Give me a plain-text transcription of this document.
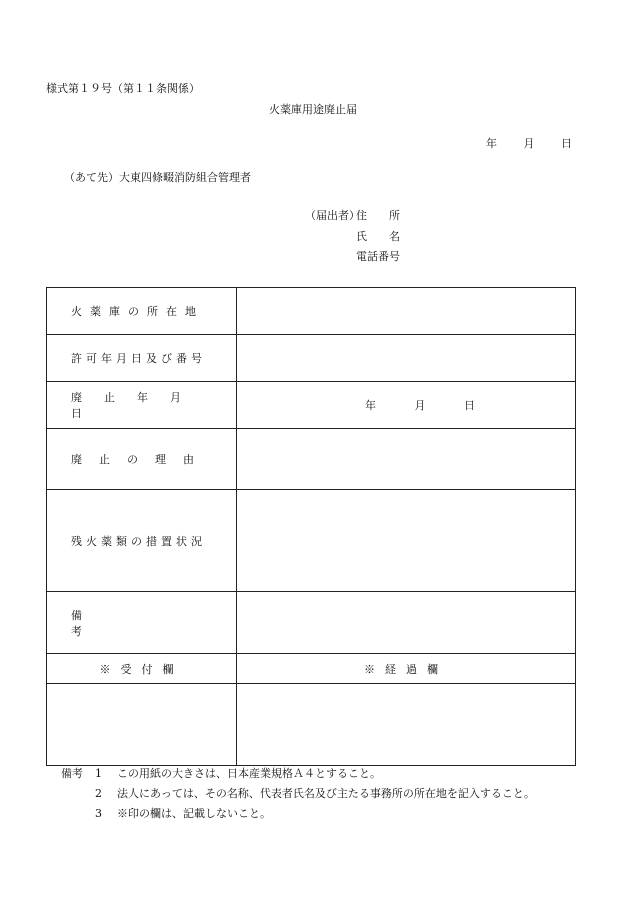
様式第１９号（第１１条関係）
火薬庫用途廃止届
年 月 日
（あて先）大東四條畷消防組合管理者
（届出者）
住　　所
氏　　名
電話番号
火薬庫の所在地	

許可年月日及び番号	

廃止年月日	年 月 日

廃止の理由	

残火薬類の措置状況	

備考	

※受付欄	※経過欄

備考	1	この用紙の大きさは、日本産業規格Ａ４とすること。
2	法人にあっては、その名称、代表者氏名及び主たる事務所の所在地を記入すること。
3	※印の欄は、記載しないこと。
